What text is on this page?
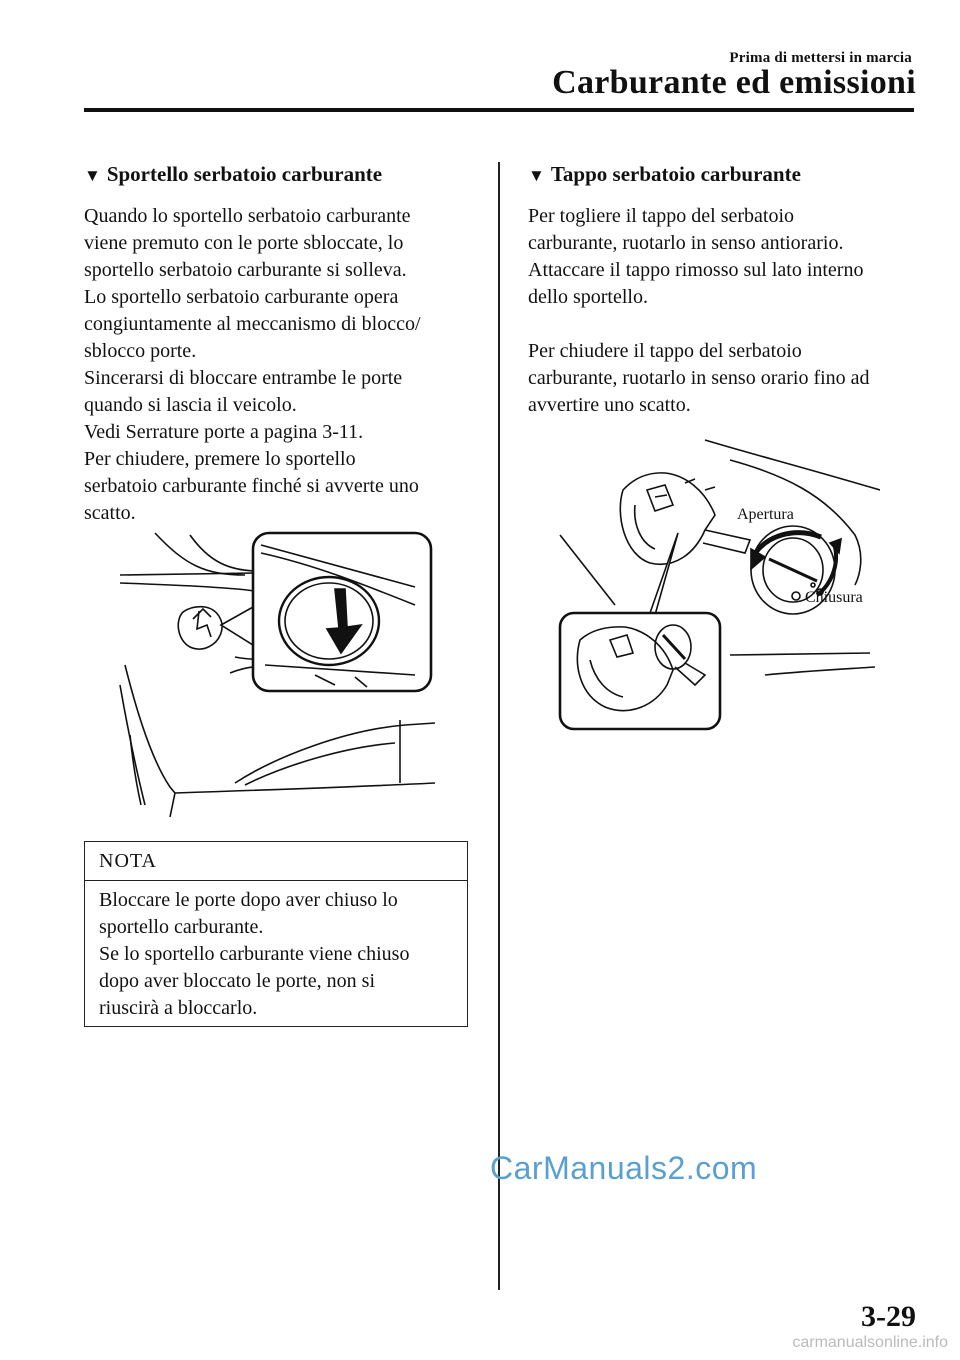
Prima di mettersi in marcia
Carburante ed emissioni
▼ Sportello serbatoio carburante
Quando lo sportello serbatoio carburante
viene premuto con le porte sbloccate, lo
sportello serbatoio carburante si solleva.
Lo sportello serbatoio carburante opera
congiuntamente al meccanismo di blocco/
sblocco porte.
Sincerarsi di bloccare entrambe le porte
quando si lascia il veicolo.
Vedi Serrature porte a pagina 3-11.
Per chiudere, premere lo sportello
serbatoio carburante finché si avverte uno
scatto.
NOTA
Bloccare le porte dopo aver chiuso lo
sportello carburante.
Se lo sportello carburante viene chiuso
dopo aver bloccato le porte, non si
riuscirà a bloccarlo.
▼ Tappo serbatoio carburante
Per togliere il tappo del serbatoio
carburante, ruotarlo in senso antiorario.
Attaccare il tappo rimosso sul lato interno
dello sportello.

Per chiudere il tappo del serbatoio
carburante, ruotarlo in senso orario fino ad
avvertire uno scatto.
Apertura
Chiusura
CarManuals2.com
3-29
carmanualsonline.info
